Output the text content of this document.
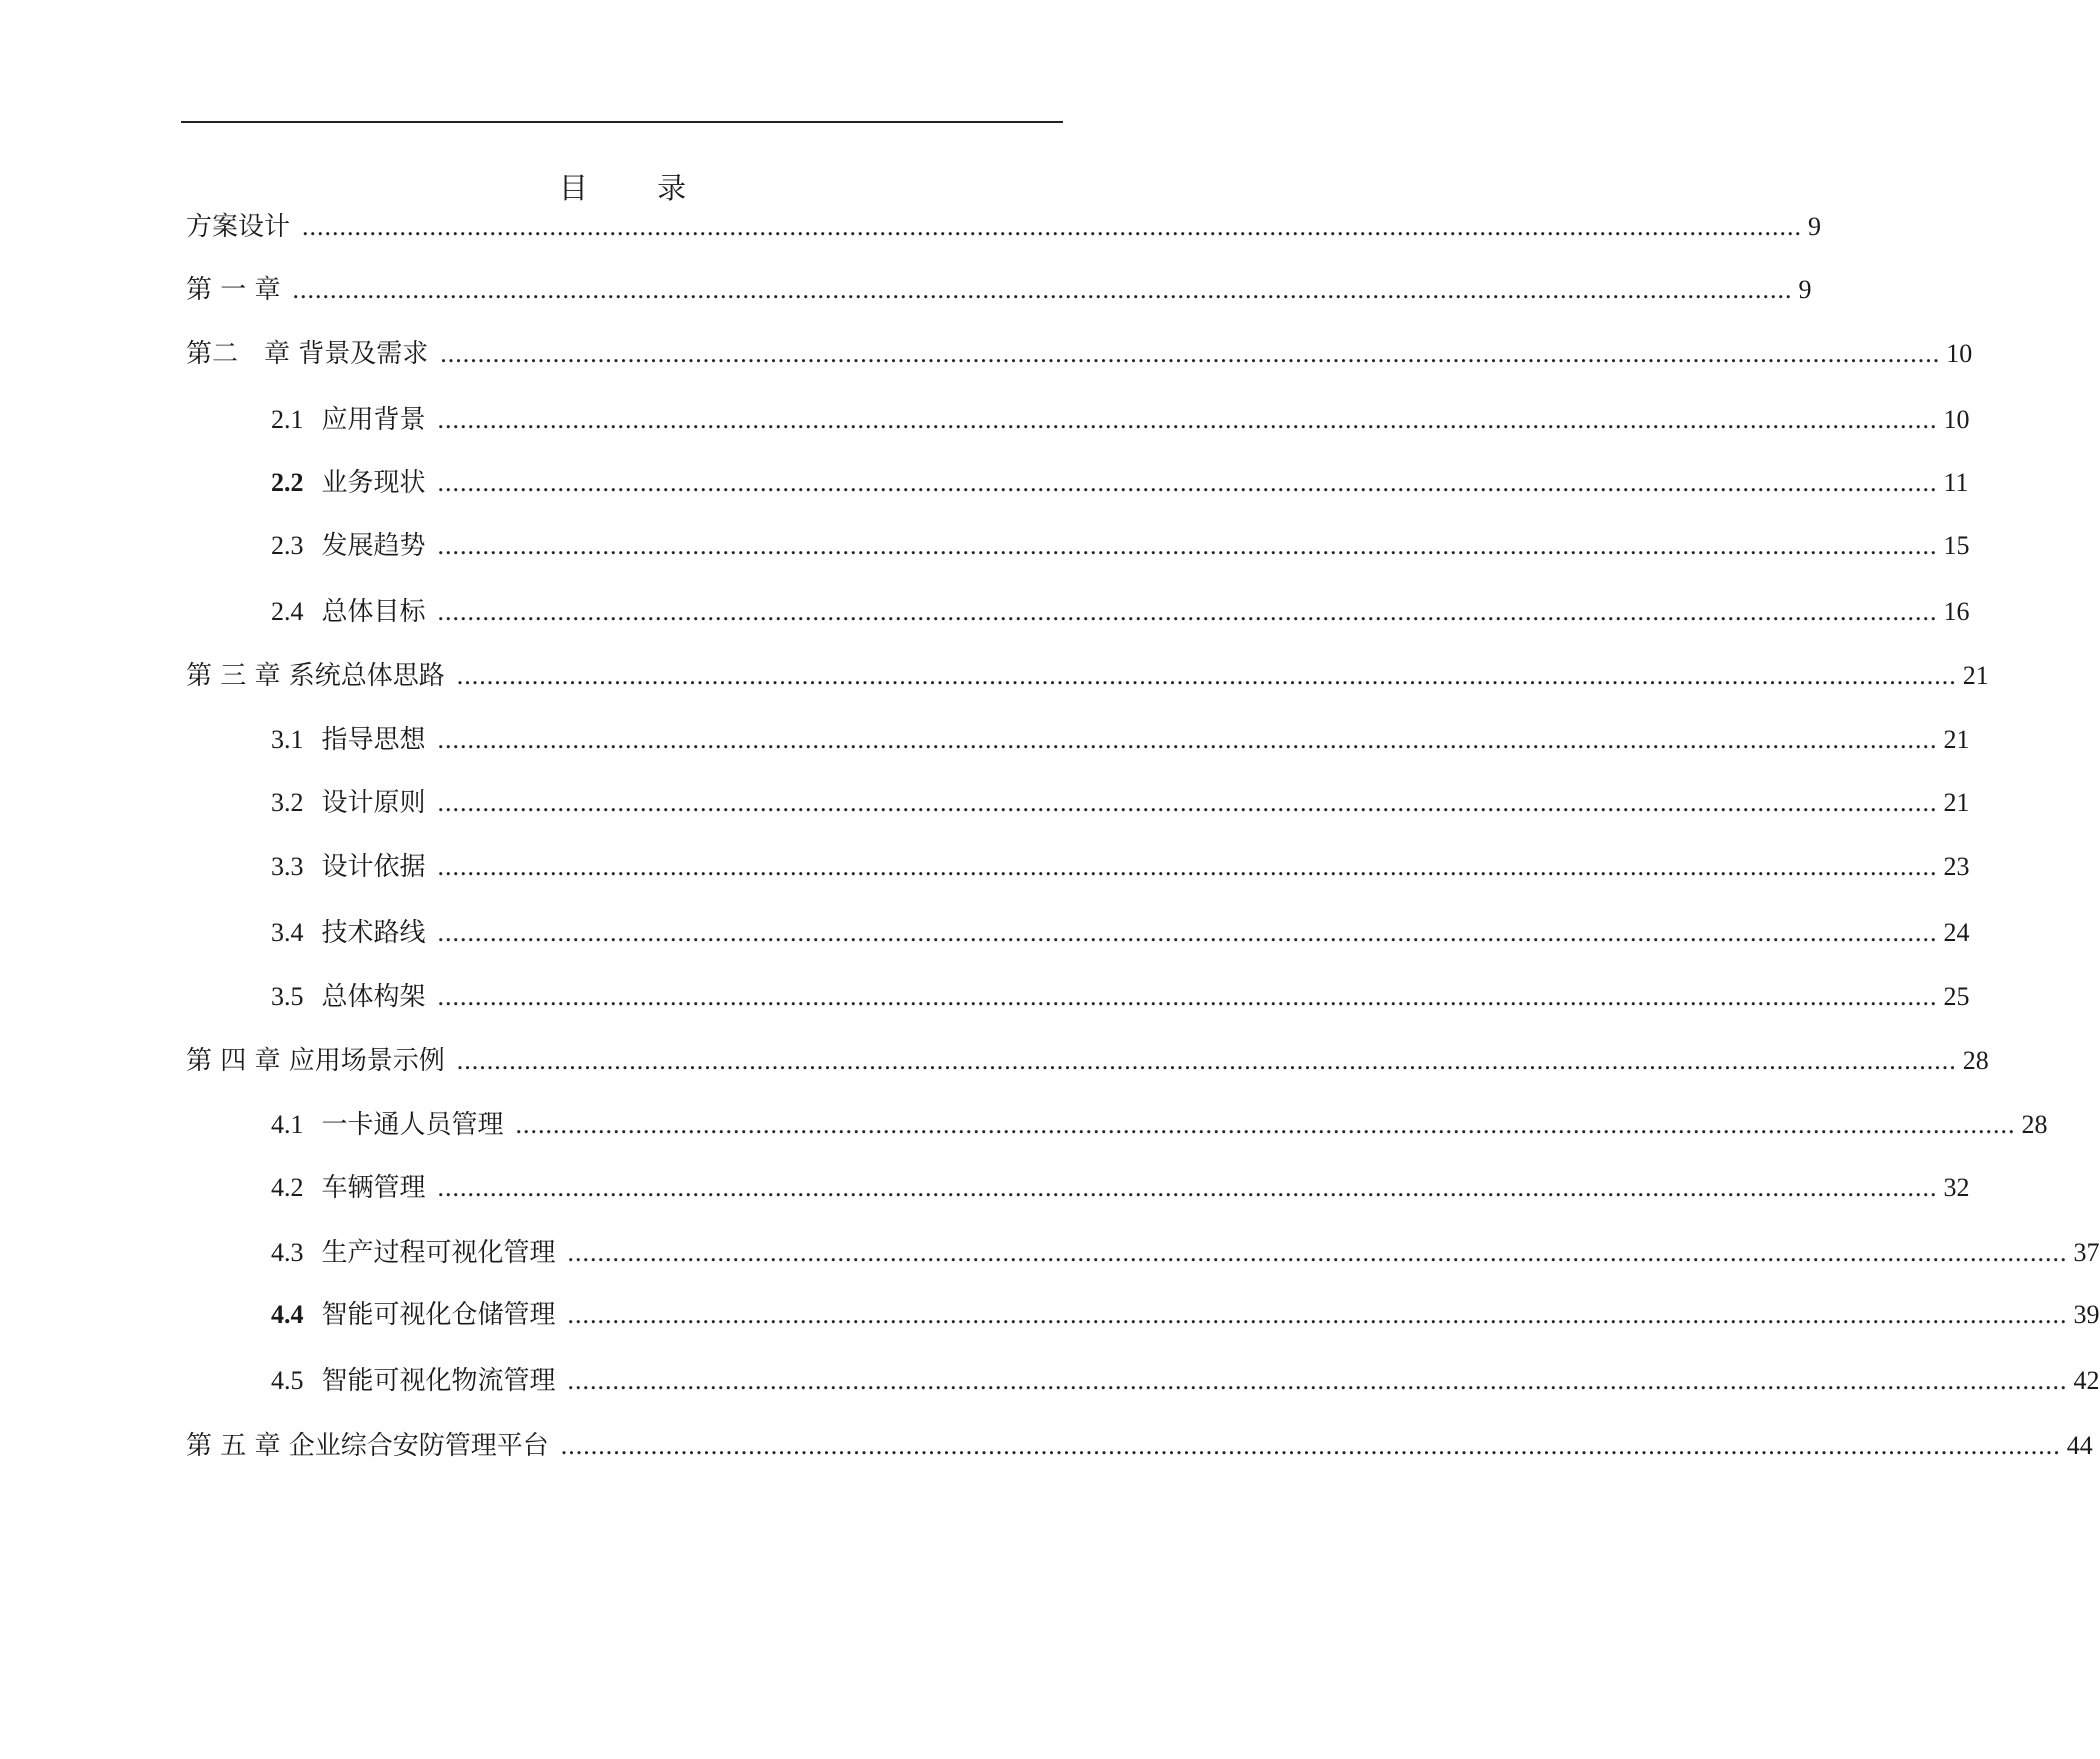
目 录
方案设计 ........................................................................................................................................................................................................ 9
第 一 章 ........................................................................................................................................................................................................ 9
第二　章 背景及需求 ........................................................................................................................................................................................................ 10
2.1 应用背景 ........................................................................................................................................................................................................ 10
2.2 业务现状 ........................................................................................................................................................................................................ 11
2.3 发展趋势 ........................................................................................................................................................................................................ 15
2.4 总体目标 ........................................................................................................................................................................................................ 16
第 三 章 系统总体思路 ........................................................................................................................................................................................................ 21
3.1 指导思想 ........................................................................................................................................................................................................ 21
3.2 设计原则 ........................................................................................................................................................................................................ 21
3.3 设计依据 ........................................................................................................................................................................................................ 23
3.4 技术路线 ........................................................................................................................................................................................................ 24
3.5 总体构架 ........................................................................................................................................................................................................ 25
第 四 章 应用场景示例 ........................................................................................................................................................................................................ 28
4.1 一卡通人员管理 ........................................................................................................................................................................................................ 28
4.2 车辆管理 ........................................................................................................................................................................................................ 32
4.3 生产过程可视化管理 ........................................................................................................................................................................................................ 37
4.4 智能可视化仓储管理 ........................................................................................................................................................................................................ 39
4.5 智能可视化物流管理 ........................................................................................................................................................................................................ 42
第 五 章 企业综合安防管理平台 ........................................................................................................................................................................................................ 44
